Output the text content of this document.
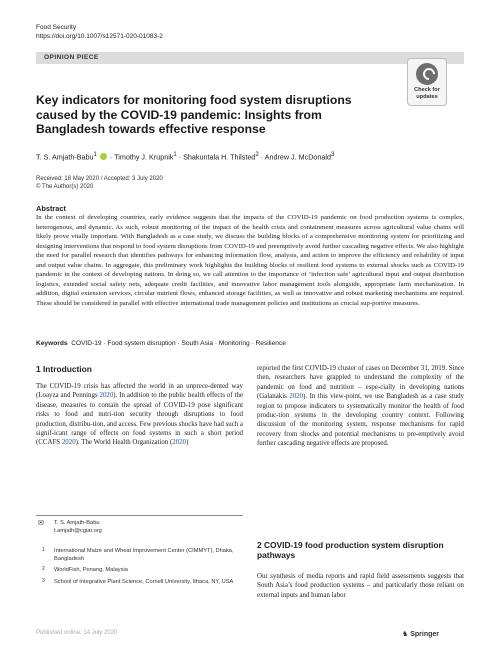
Food Security
https://doi.org/10.1007/s12571-020-01083-2
OPINION PIECE
Check for
updates
Key indicators for monitoring food system disruptions caused by the COVID-19 pandemic: Insights from Bangladesh towards effective response
T. S. Amjath-Babu$^1$  · Timothy J. Krupnik$^1$ · Shakuntala H. Thilsted$^2$ · Andrew J. McDonald$^3$
Received: 18 May 2020 / Accepted: 3 July 2020
© The Author(s) 2020
Abstract
In the context of developing countries, early evidence suggests that the impacts of the COVID-19 pandemic on food production systems is complex, heterogenous, and dynamic. As such, robust monitoring of the impact of the health crisis and containment measures across agricultural value chains will likely prove vitally important. With Bangladesh as a case study, we discuss the building blocks of a comprehensive monitoring system for prioritizing and designing interventions that respond to food system disruptions from COVID-19 and preemptively avoid further cascading negative effects. We also highlight the need for parallel research that identifies pathways for enhancing information flow, analysis, and action to improve the efficiency and reliability of input and output value chains. In aggregate, this preliminary work highlights the building blocks of resilient food systems to external shocks such as COVID-19 pandemic in the context of developing nations. In doing so, we call attention to the importance of ‘infection safe’ agricultural input and output distribution logistics, extended social safety nets, adequate credit facilities, and innovative labor management tools alongside, appropriate farm mechanization. In addition, digital extension services, circular nutrient flows, enhanced storage facilities, as well as innovative and robust marketing mechanisms are required. These should be considered in parallel with effective international trade management policies and institutions as crucial sup-portive measures.
Keywords COVID-19 · Food system disruption · South Asia · Monitoring · Resilience
1 Introduction
The COVID-19 crisis has affected the world in an unprece-dented way (Loayza and Pennings 2020). In addition to the public health effects of the disease, measures to contain the spread of COVID-19 pose significant risks to food and nutri-tion security through disruptions to food production, distribu-tion, and access. Few previous shocks have had such a signif-icant range of effects on food systems in such a short period (CCAFS 2020). The World Health Organization (2020)
reported the first COVID-19 cluster of cases on December 31, 2019. Since then, researchers have grappled to understand the complexity of the pandemic on food and nutrition – espe-cially in developing nations (Galanakis 2020). In this view-point, we use Bangladesh as a case study region to propose indicators to systematically monitor the health of food produc-tion systems in the developing country context. Following discussion of the monitoring system, response mechanisms for rapid recovery from shocks and potential mechanisms to pre-emptively avoid further cascading negative effects are proposed.
✉ T. S. Amjath-Babu
t.amjath@cgiar.org
1 International Maize and Wheat Improvement Center (CIMMYT), Dhaka, Bangladesh
2 WorldFish, Penang, Malaysia
3 School of Integrative Plant Science, Cornell University, Ithaca, NY, USA
2 COVID-19 food production system disruption pathways
Our synthesis of media reports and rapid field assessments suggests that South Asia’s food production systems – and particularly those reliant on external inputs and human labor
Published online: 14 July 2020	♞ Springer
